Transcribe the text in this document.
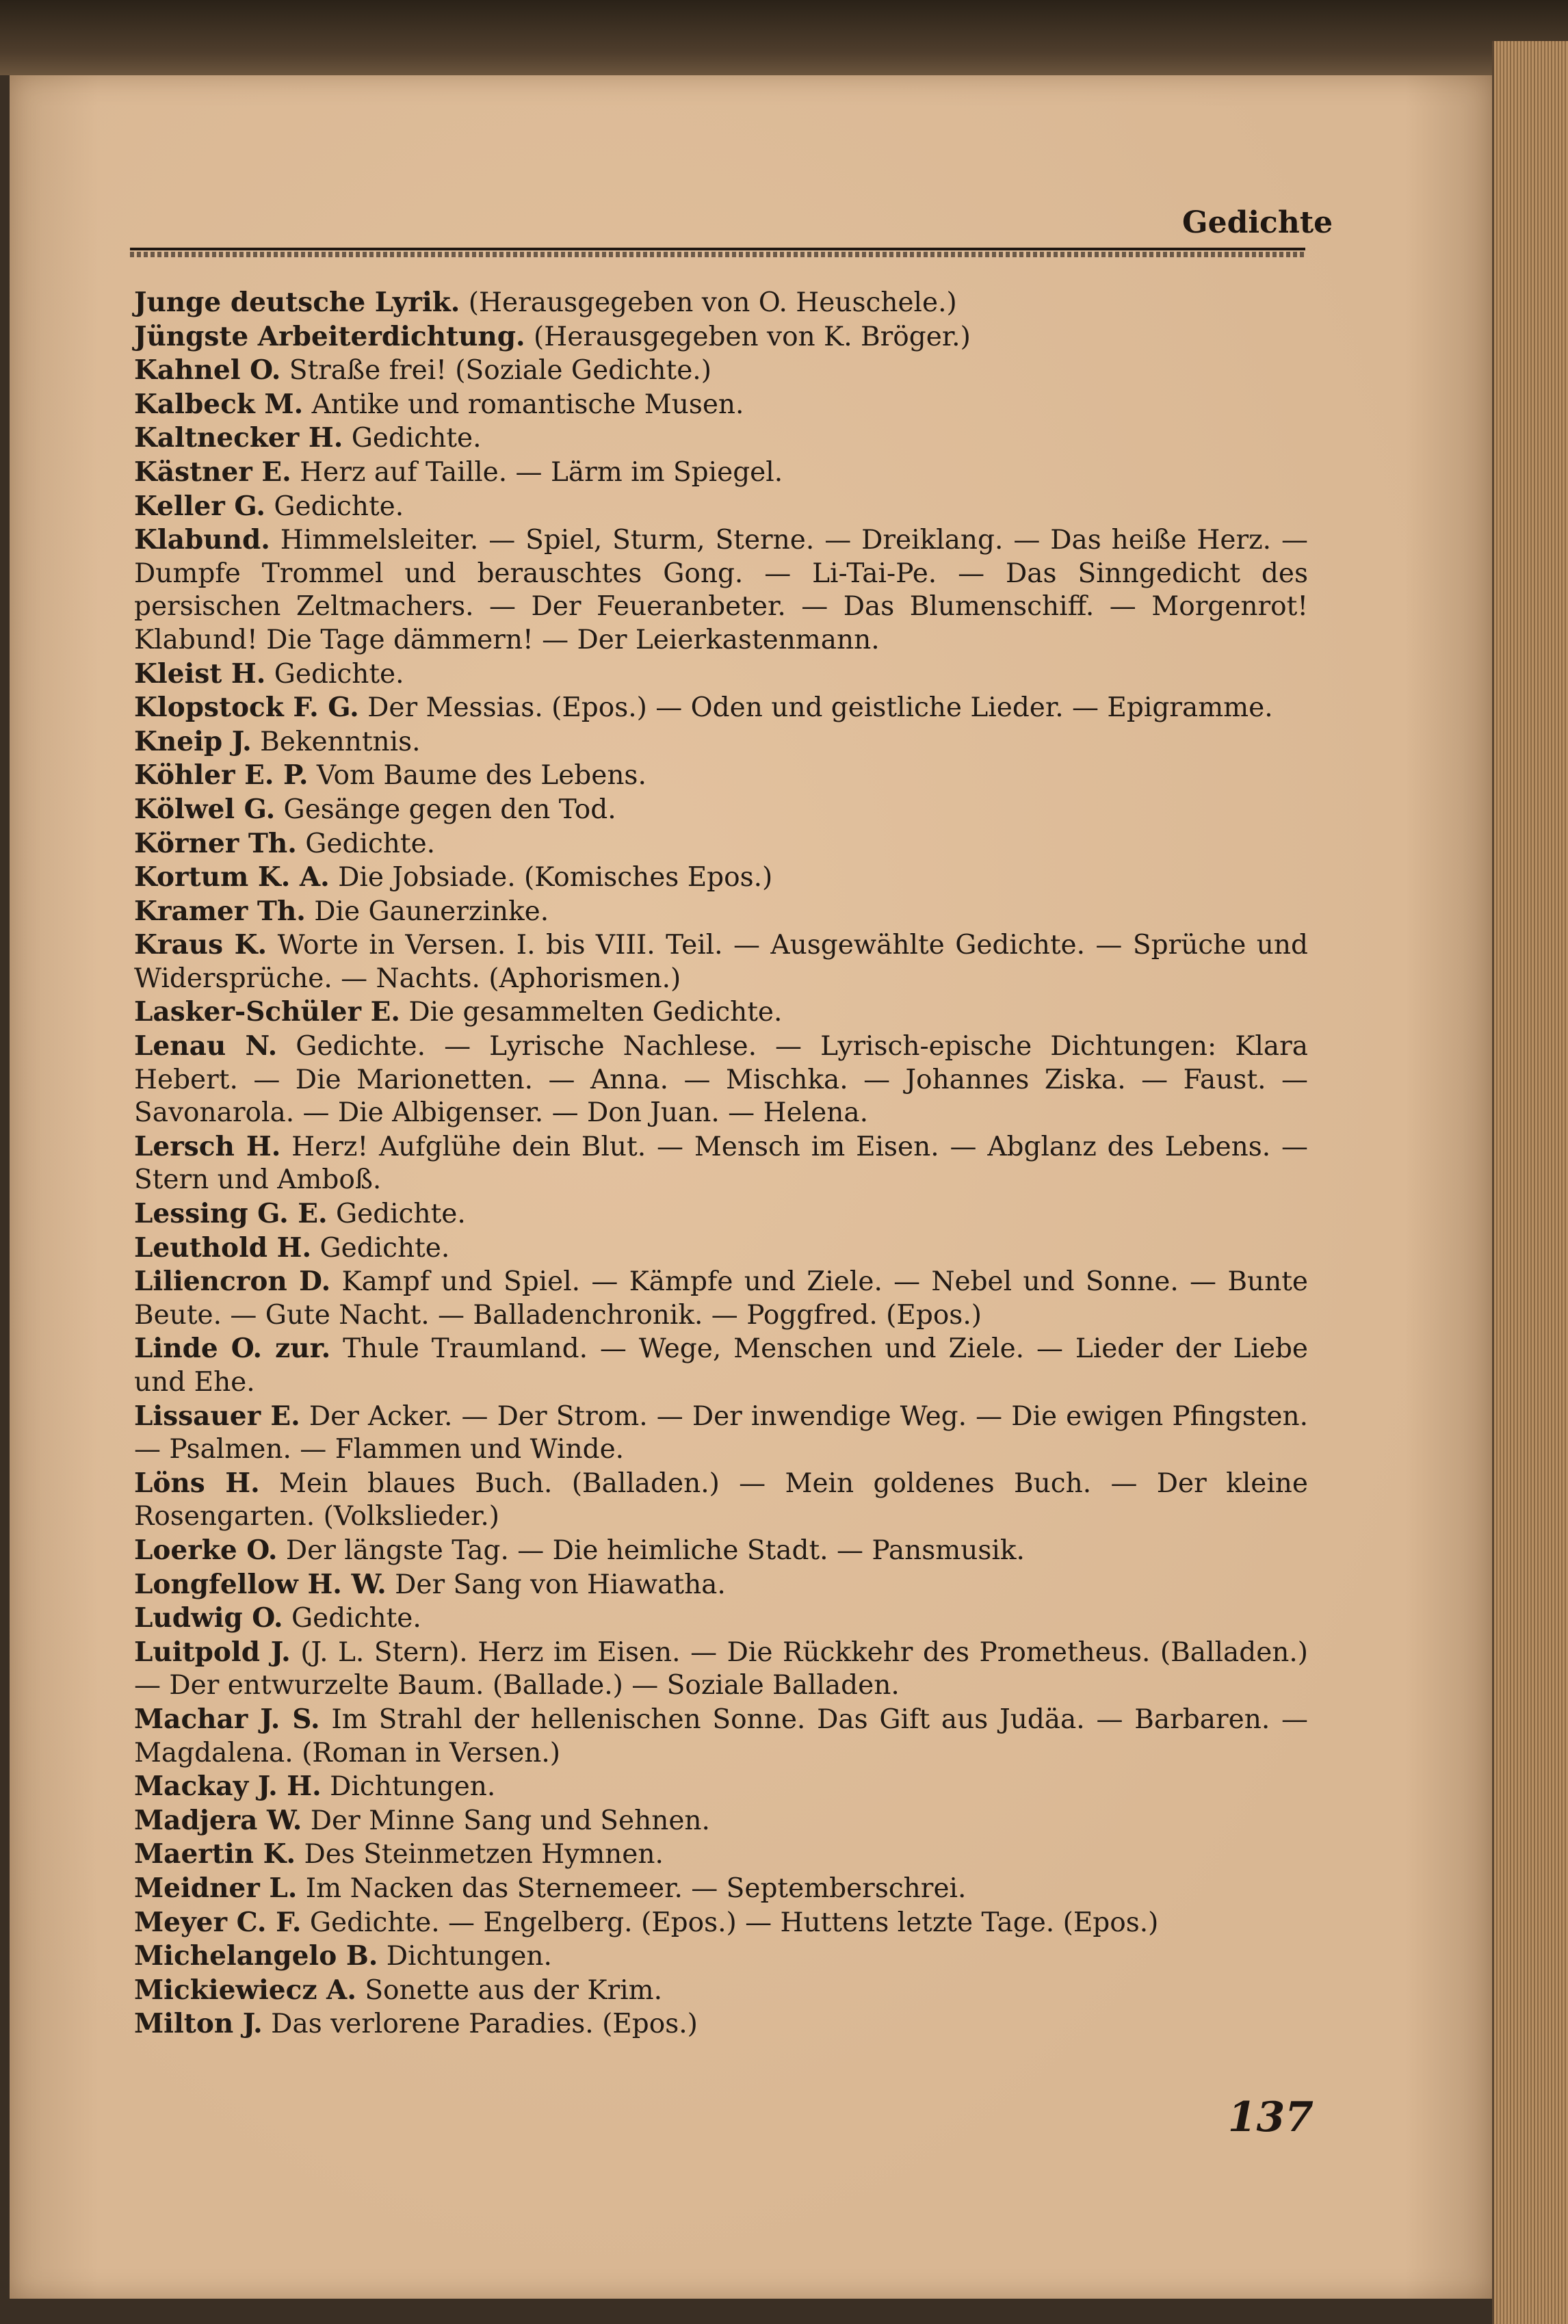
Gedichte

Junge deutsche Lyrik. (Herausgegeben von O. Heuschele.)

Jüngste Arbeiterdichtung. (Herausgegeben von K. Bröger.)

Kahnel O. Straße frei! (Soziale Gedichte.)

Kalbeck M. Antike und romantische Musen.

Kaltnecker H. Gedichte.

Kästner E. Herz auf Taille. — Lärm im Spiegel.

Keller G. Gedichte.

Klabund. Himmelsleiter. — Spiel, Sturm, Sterne. — Dreiklang. — Das heiße Herz. — Dumpfe Trommel und berauschtes Gong. — Li-Tai-Pe. — Das Sinngedicht des persischen Zeltmachers. — Der Feueranbeter. — Das Blumenschiff. — Morgenrot! Klabund! Die Tage dämmern! — Der Leierkastenmann.

Kleist H. Gedichte.

Klopstock F. G. Der Messias. (Epos.) — Oden und geistliche Lieder. — Epigramme.

Kneip J. Bekenntnis.

Köhler E. P. Vom Baume des Lebens.

Kölwel G. Gesänge gegen den Tod.

Körner Th. Gedichte.

Kortum K. A. Die Jobsiade. (Komisches Epos.)

Kramer Th. Die Gaunerzinke.

Kraus K. Worte in Versen. I. bis VIII. Teil. — Ausgewählte Gedichte. — Sprüche und Widersprüche. — Nachts. (Aphorismen.)

Lasker-Schüler E. Die gesammelten Gedichte.

Lenau N. Gedichte. — Lyrische Nachlese. — Lyrisch-epische Dichtungen: Klara Hebert. — Die Marionetten. — Anna. — Mischka. — Johannes Ziska. — Faust. — Savonarola. — Die Albigenser. — Don Juan. — Helena.

Lersch H. Herz! Aufglühe dein Blut. — Mensch im Eisen. — Abglanz des Lebens. — Stern und Amboß.

Lessing G. E. Gedichte.

Leuthold H. Gedichte.

Liliencron D. Kampf und Spiel. — Kämpfe und Ziele. — Nebel und Sonne. — Bunte Beute. — Gute Nacht. — Balladenchronik. — Poggfred. (Epos.)

Linde O. zur. Thule Traumland. — Wege, Menschen und Ziele. — Lieder der Liebe und Ehe.

Lissauer E. Der Acker. — Der Strom. — Der inwendige Weg. — Die ewigen Pfingsten. — Psalmen. — Flammen und Winde.

Löns H. Mein blaues Buch. (Balladen.) — Mein goldenes Buch. — Der kleine Rosengarten. (Volkslieder.)

Loerke O. Der längste Tag. — Die heimliche Stadt. — Pansmusik.

Longfellow H. W. Der Sang von Hiawatha.

Ludwig O. Gedichte.

Luitpold J. (J. L. Stern). Herz im Eisen. — Die Rückkehr des Prometheus. (Balladen.) — Der entwurzelte Baum. (Ballade.) — Soziale Balladen.

Machar J. S. Im Strahl der hellenischen Sonne. Das Gift aus Judäa. — Barbaren. — Magdalena. (Roman in Versen.)

Mackay J. H. Dichtungen.

Madjera W. Der Minne Sang und Sehnen.

Maertin K. Des Steinmetzen Hymnen.

Meidner L. Im Nacken das Sternemeer. — Septemberschrei.

Meyer C. F. Gedichte. — Engelberg. (Epos.) — Huttens letzte Tage. (Epos.)

Michelangelo B. Dichtungen.

Mickiewiecz A. Sonette aus der Krim.

Milton J. Das verlorene Paradies. (Epos.)

137
